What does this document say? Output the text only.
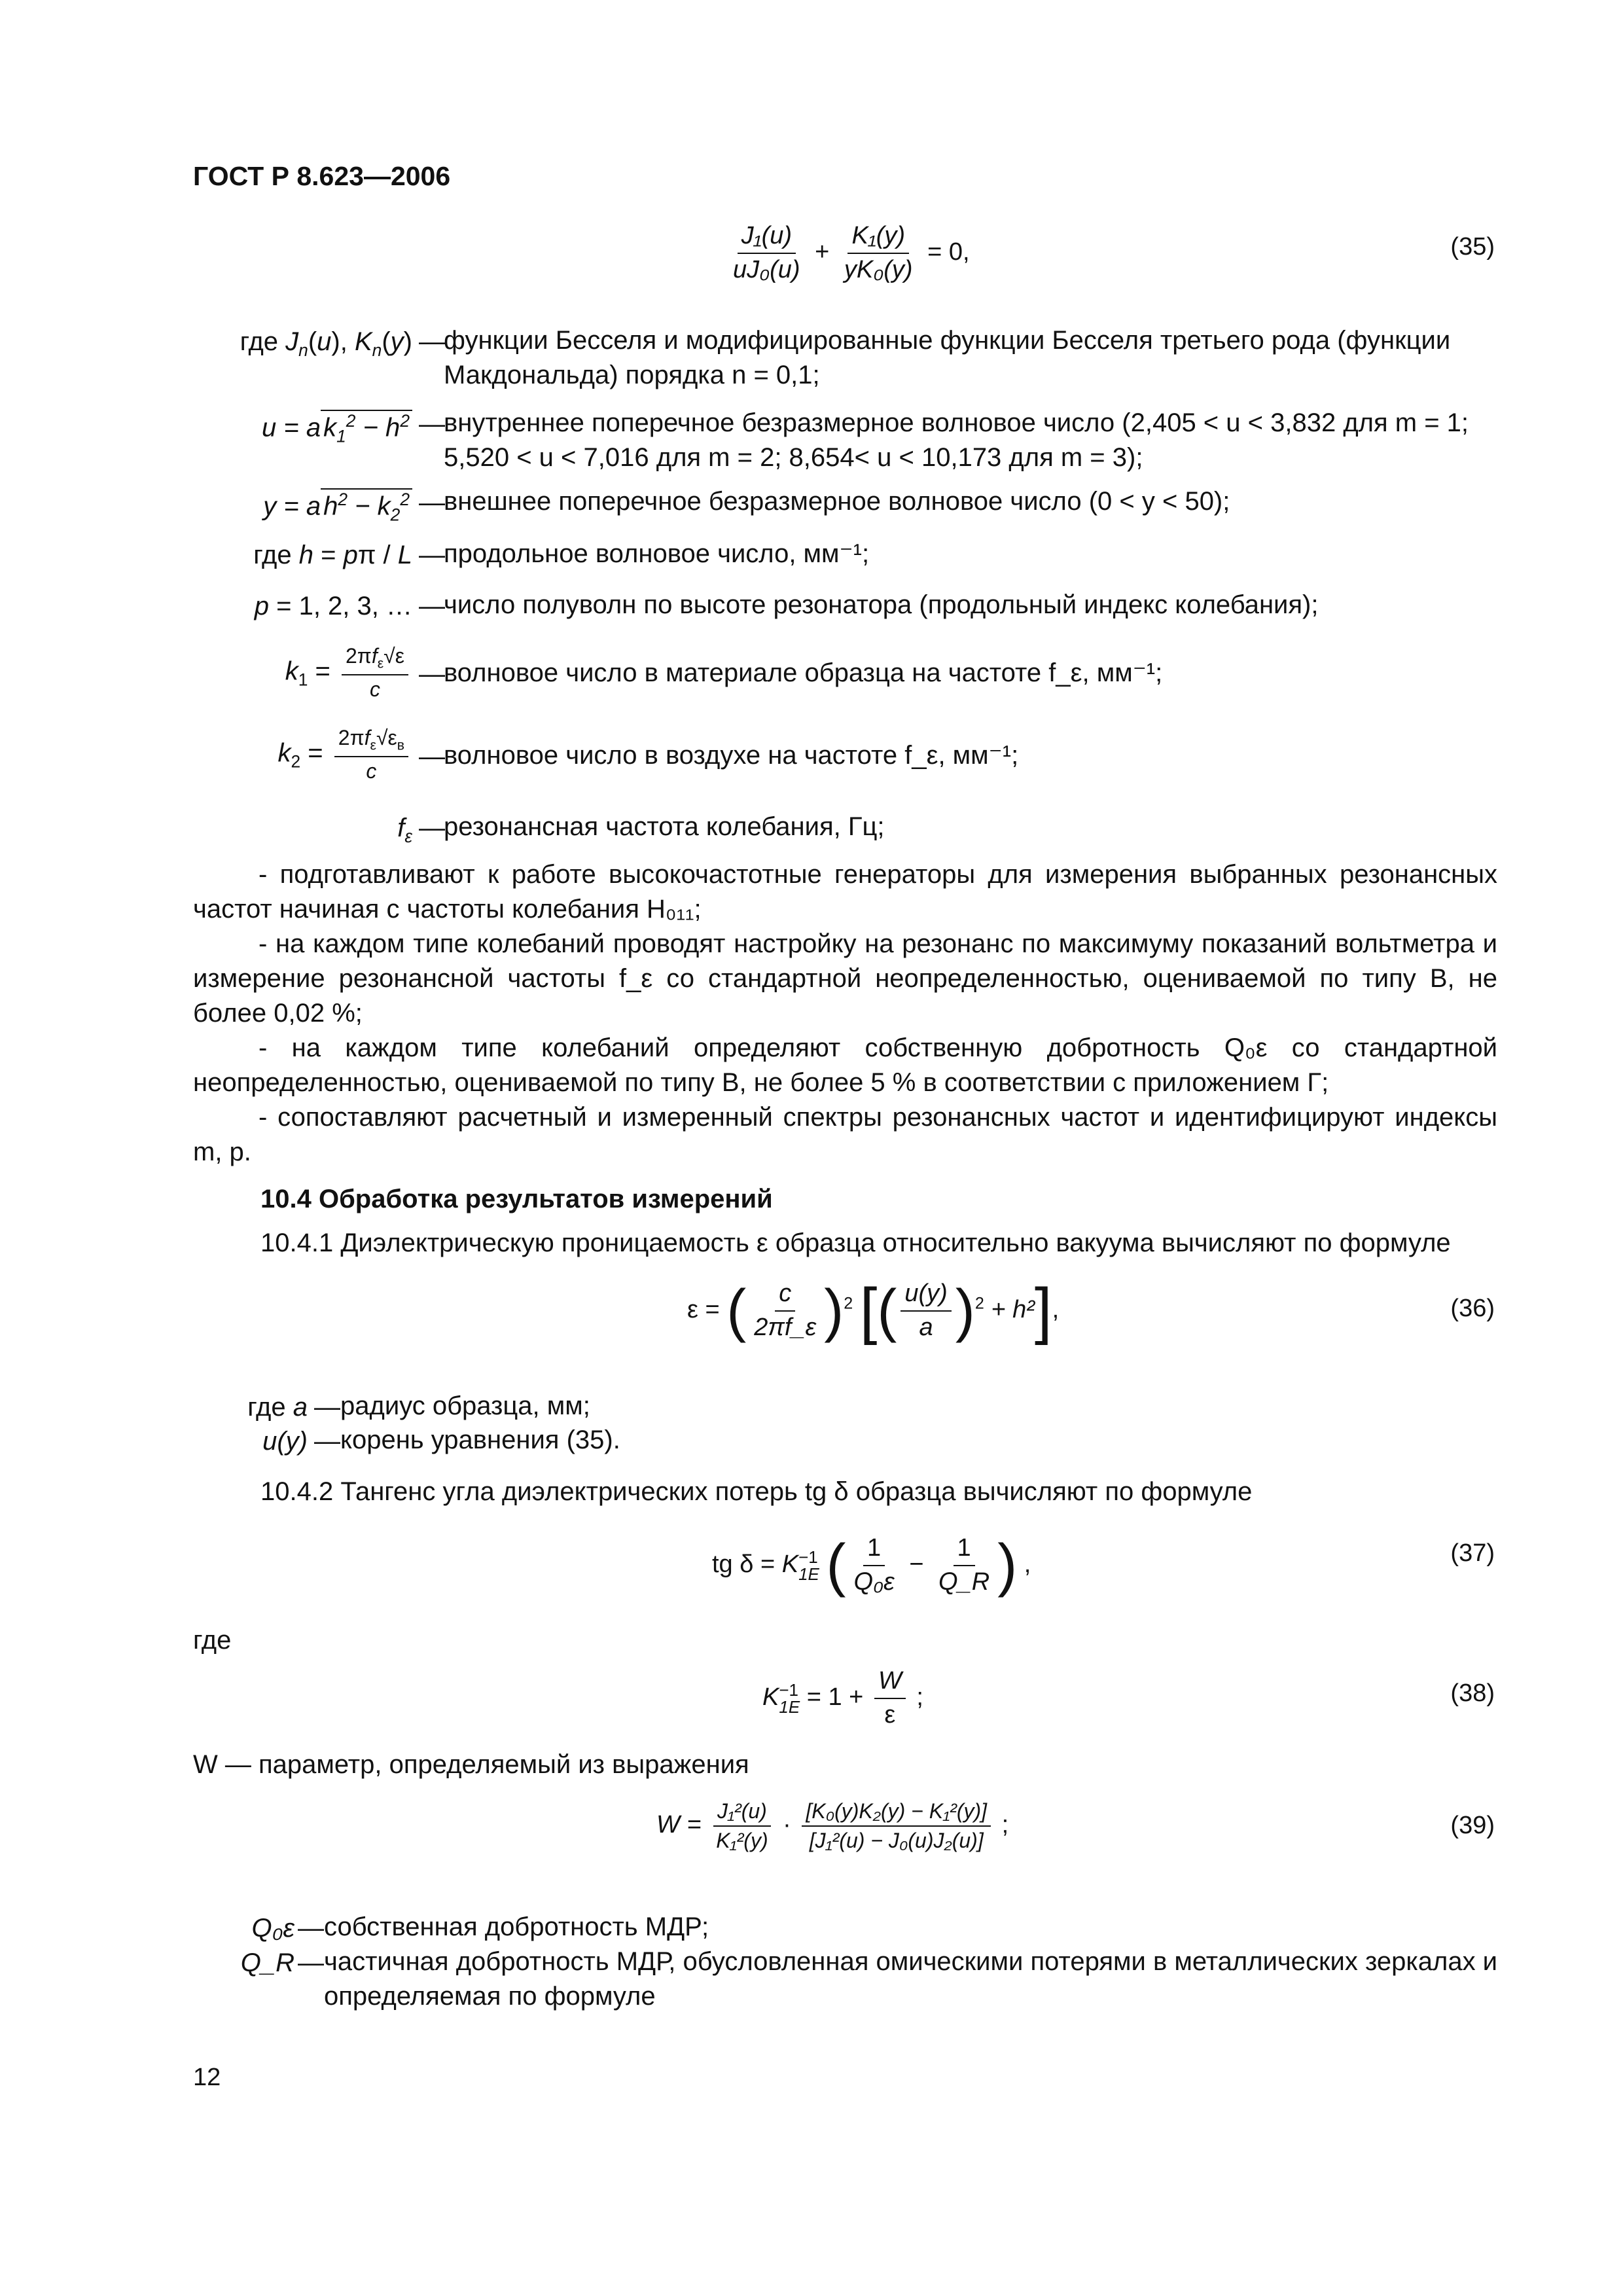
ГОСТ Р 8.623—2006
$\frac{\text{J₁(u)}}{\text{uJ₀(u)}} + \frac{\text{K₁(y)}}{\text{yK₀(y)}} = 0$,	(35)
где $J_n(u)$, $K_n(y)$ —
функции Бесселя и модифицированные функции Бесселя третьего рода (функции Макдональда) порядка n = 0,1;
u = a $k_1^2 - h^2$ —
внутреннее поперечное безразмерное волновое число (2,405 < u < 3,832 для m = 1; 5,520 < u < 7,016 для m = 2; 8,654< u < 10,173 для m = 3);
y = a $h^2 - k_2^2$ —
внешнее поперечное безразмерное волновое число (0 < y < 50);
где h = pπ / L —
продольное волновое число, мм⁻¹;
p = 1, 2, 3, … —
число полуволн по высоте резонатора (продольный индекс колебания);
$k_1 = \frac{2\pi f_\varepsilon√\varepsilon}{c}$ —
волновое число в материале образца на частоте f_ε, мм⁻¹;
$k_2 = \frac{2\pi f_\varepsilon√\varepsilon_в}{c}$ —
волновое число в воздухе на частоте f_ε, мм⁻¹;
$f_\varepsilon$ —
резонансная частота колебания, Гц;
- подготавливают к работе высокочастотные генераторы для измерения выбранных резонансных частот начиная с частоты колебания H₀₁₁;
- на каждом типе колебаний проводят настройку на резонанс по максимуму показаний вольтметра и измерение резонансной частоты f_ε со стандартной неопределенностью, оцениваемой по типу В, не более 0,02 %;
- на каждом типе колебаний определяют собственную добротность Q₀ε со стандартной неопределенностью, оцениваемой по типу В, не более 5 % в соответствии с приложением Г;
- сопоставляют расчетный и измеренный спектры резонансных частот и идентифицируют индексы m, p.
10.4 Обработка результатов измерений
10.4.1 Диэлектрическую проницаемость ε образца относительно вакуума вычисляют по формуле
ε = ( $\frac{c}{2\pi f\_\varepsilon} )^2$ [( $\frac{u(y)}{a} )^2 + h^2$],	(36)
где a — радиус образца, мм;
u(y) — корень уравнения (35).
10.4.2 Тангенс угла диэлектрических потерь tg δ образца вычисляют по формуле
tg δ = K −1
1E ( $\frac{1}{\text{Q₀ε}} - \frac{1}{Q\_R}$ ) ,	(37)
где
K −1
$1E = 1 + \frac{W}{\varepsilon}$ ;	(38)
W — параметр, определяемый из выражения
$W = \frac{\text{J₁²(u)}}{\text{K₁²(y)}} \cdot \frac{\text{[K₀(y)K₂(y) − K₁²(y)]}}{\text{[J₁²(u) − J₀(u)J₂(u)]}}$ ;	(39)
Q₀ε — собственная добротность МДР;
Q_R — частичная добротность МДР, обусловленная омическими потерями в металлических зеркалах и определяемая по формуле
12
